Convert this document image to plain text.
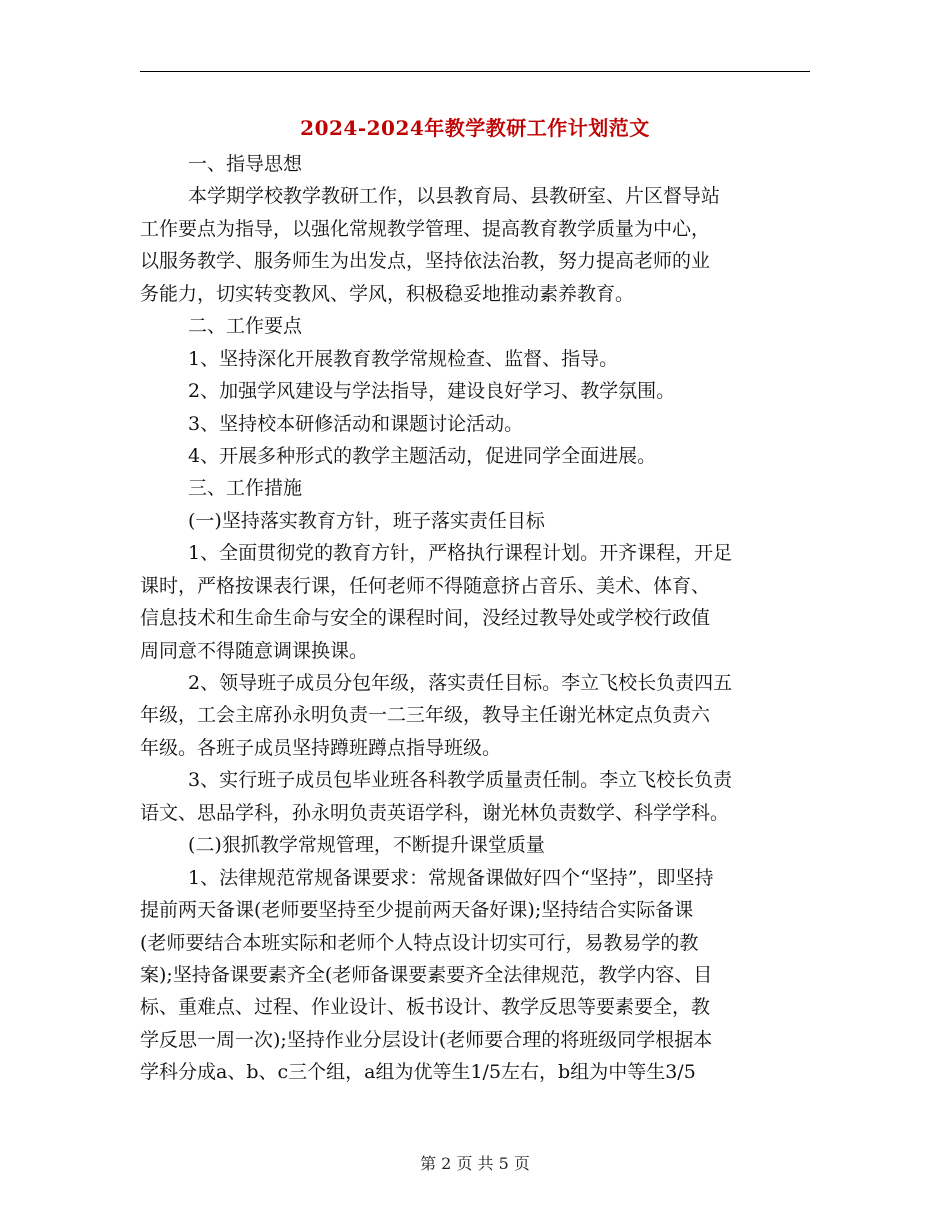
2024-2024年教学教研工作计划范文
一、指导思想
本学期学校教学教研工作，以县教育局、县教研室、片区督导站
工作要点为指导，以强化常规教学管理、提高教育教学质量为中心，
以服务教学、服务师生为出发点，坚持依法治教，努力提高老师的业
务能力，切实转变教风、学风，积极稳妥地推动素养教育。
二、工作要点
1、坚持深化开展教育教学常规检查、监督、指导。
2、加强学风建设与学法指导，建设良好学习、教学氛围。
3、坚持校本研修活动和课题讨论活动。
4、开展多种形式的教学主题活动，促进同学全面进展。
三、工作措施
(一)坚持落实教育方针，班子落实责任目标
1、全面贯彻党的教育方针，严格执行课程计划。开齐课程，开足
课时，严格按课表行课，任何老师不得随意挤占音乐、美术、体育、
信息技术和生命生命与安全的课程时间，没经过教导处或学校行政值
周同意不得随意调课换课。
2、领导班子成员分包年级，落实责任目标。李立飞校长负责四五
年级，工会主席孙永明负责一二三年级，教导主任谢光林定点负责六
年级。各班子成员坚持蹲班蹲点指导班级。
3、实行班子成员包毕业班各科教学质量责任制。李立飞校长负责
语文、思品学科，孙永明负责英语学科，谢光林负责数学、科学学科。
(二)狠抓教学常规管理，不断提升课堂质量
1、法律规范常规备课要求：常规备课做好四个“坚持”，即坚持
提前两天备课(老师要坚持至少提前两天备好课);坚持结合实际备课
(老师要结合本班实际和老师个人特点设计切实可行，易教易学的教
案);坚持备课要素齐全(老师备课要素要齐全法律规范，教学内容、目
标、重难点、过程、作业设计、板书设计、教学反思等要素要全，教
学反思一周一次);坚持作业分层设计(老师要合理的将班级同学根据本
学科分成a、b、c三个组，a组为优等生1/5左右，b组为中等生3/5
第 2 页 共 5 页
